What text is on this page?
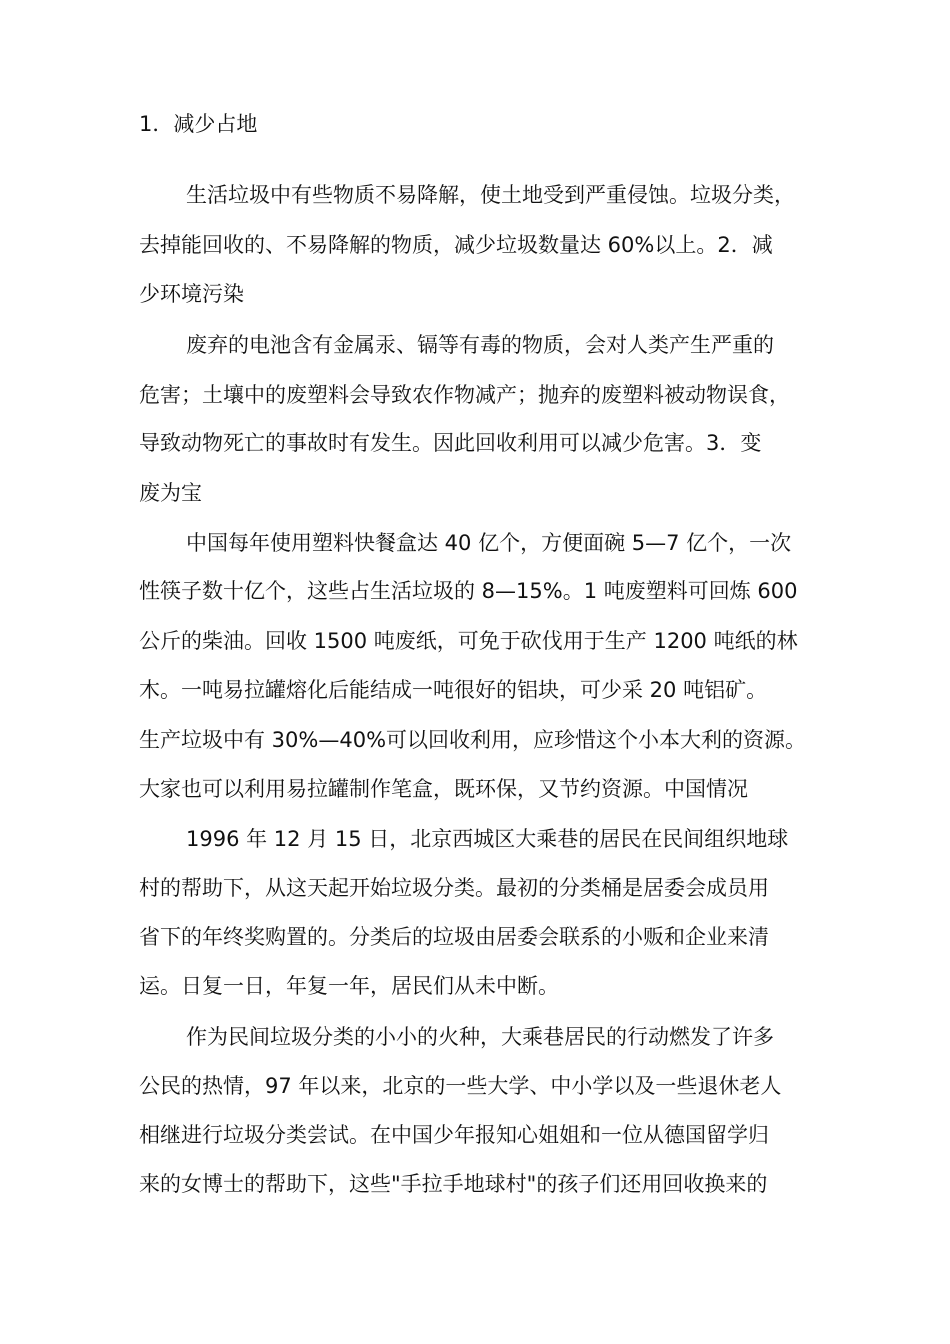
1．减少占地

生活垃圾中有些物质不易降解，使土地受到严重侵蚀。垃圾分类，

去掉能回收的、不易降解的物质，减少垃圾数量达 60%以上。2．减

少环境污染

废弃的电池含有金属汞、镉等有毒的物质，会对人类产生严重的

危害；土壤中的废塑料会导致农作物减产；抛弃的废塑料被动物误食，

导致动物死亡的事故时有发生。因此回收利用可以减少危害。3．变

废为宝

中国每年使用塑料快餐盒达 40 亿个，方便面碗 5—7 亿个，一次

性筷子数十亿个，这些占生活垃圾的 8—15%。1 吨废塑料可回炼 600

公斤的柴油。回收 1500 吨废纸，可免于砍伐用于生产 1200 吨纸的林

木。一吨易拉罐熔化后能结成一吨很好的铝块，可少采 20 吨铝矿。

生产垃圾中有 30%—40%可以回收利用，应珍惜这个小本大利的资源。

大家也可以利用易拉罐制作笔盒，既环保，又节约资源。中国情况

1996 年 12 月 15 日，北京西城区大乘巷的居民在民间组织地球

村的帮助下，从这天起开始垃圾分类。最初的分类桶是居委会成员用

省下的年终奖购置的。分类后的垃圾由居委会联系的小贩和企业来清

运。日复一日，年复一年，居民们从未中断。

作为民间垃圾分类的小小的火种，大乘巷居民的行动燃发了许多

公民的热情，97 年以来，北京的一些大学、中小学以及一些退休老人

相继进行垃圾分类尝试。在中国少年报知心姐姐和一位从德国留学归

来的女博士的帮助下，这些"手拉手地球村"的孩子们还用回收换来的
